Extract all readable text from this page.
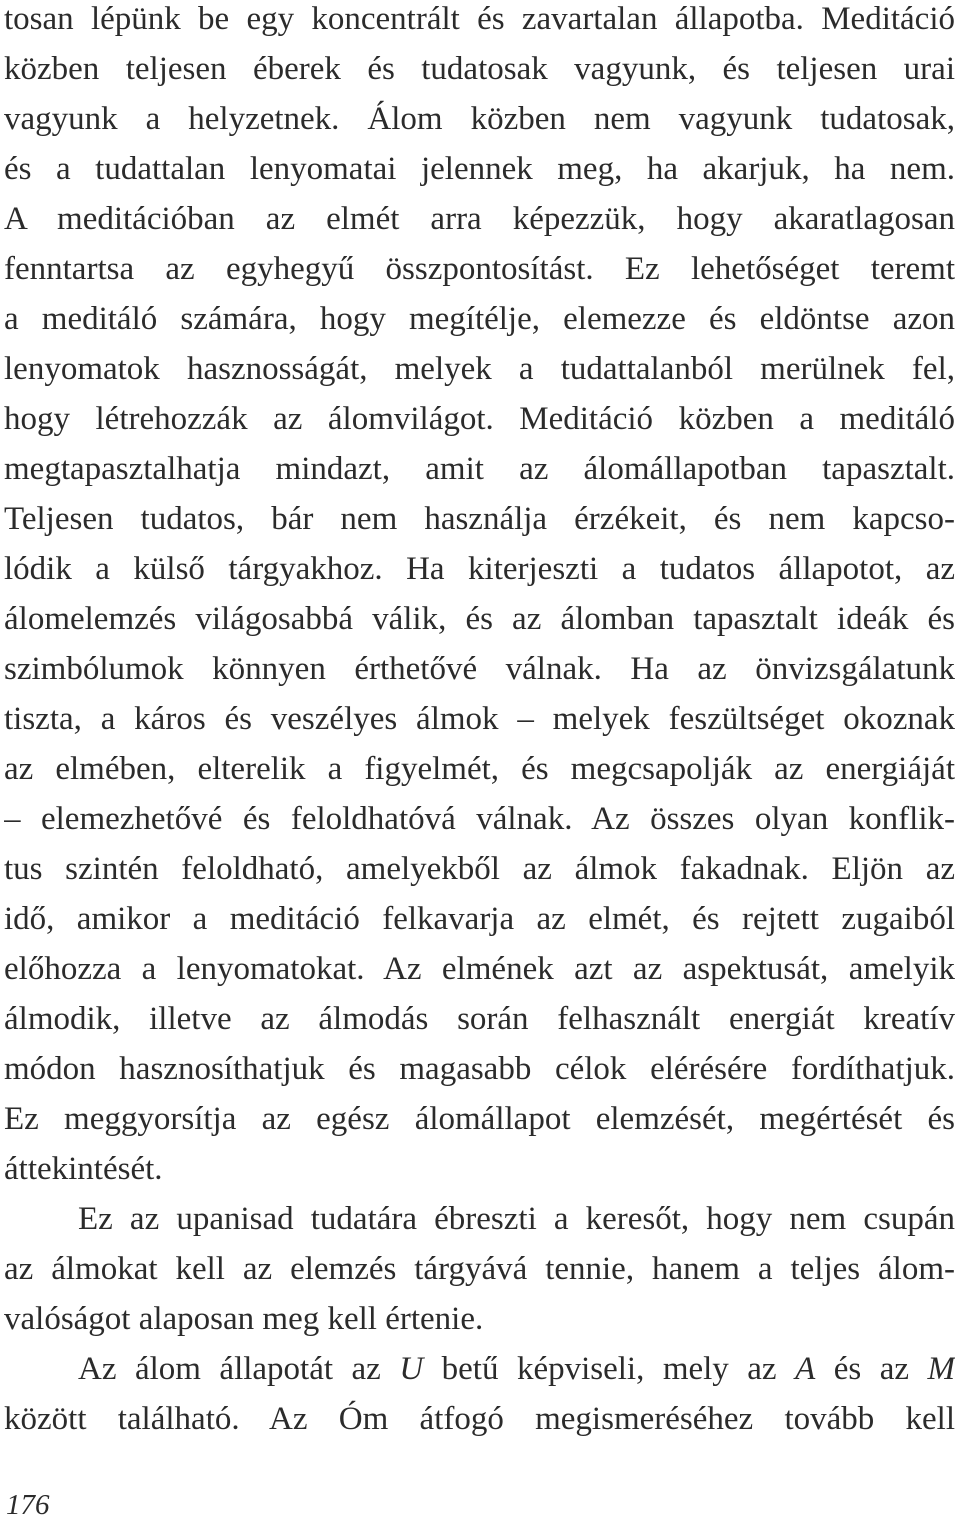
tosan lépünk be egy koncentrált és zavartalan állapotba. Meditáció
közben teljesen éberek és tudatosak vagyunk, és teljesen urai
vagyunk a helyzetnek. Álom közben nem vagyunk tudatosak,
és a tudattalan lenyomatai jelennek meg, ha akarjuk, ha nem.
A meditációban az elmét arra képezzük, hogy akaratlagosan
fenntartsa az egyhegyű összpontosítást. Ez lehetőséget teremt
a meditáló számára, hogy megítélje, elemezze és eldöntse azon
lenyomatok hasznosságát, melyek a tudattalanból merülnek fel,
hogy létrehozzák az álomvilágot. Meditáció közben a meditáló
megtapasztalhatja mindazt, amit az álomállapotban tapasztalt.
Teljesen tudatos, bár nem használja érzékeit, és nem kapcso-
lódik a külső tárgyakhoz. Ha kiterjeszti a tudatos állapotot, az
álomelemzés világosabbá válik, és az álomban tapasztalt ideák és
szimbólumok könnyen érthetővé válnak. Ha az önvizsgálatunk
tiszta, a káros és veszélyes álmok – melyek feszültséget okoznak
az elmében, elterelik a figyelmét, és megcsapolják az energiáját
– elemezhetővé és feloldhatóvá válnak. Az összes olyan konflik-
tus szintén feloldható, amelyekből az álmok fakadnak. Eljön az
idő, amikor a meditáció felkavarja az elmét, és rejtett zugaiból
előhozza a lenyomatokat. Az elmének azt az aspektusát, amelyik
álmodik, illetve az álmodás során felhasznált energiát kreatív
módon hasznosíthatjuk és magasabb célok elérésére fordíthatjuk.
Ez meggyorsítja az egész álomállapot elemzését, megértését és
áttekintését.
Ez az upanisad tudatára ébreszti a keresőt, hogy nem csupán
az álmokat kell az elemzés tárgyává tennie, hanem a teljes álom-
valóságot alaposan meg kell értenie.
Az álom állapotát az U betű képviseli, mely az A és az M
között található. Az Óm átfogó megismeréséhez tovább kell
176
